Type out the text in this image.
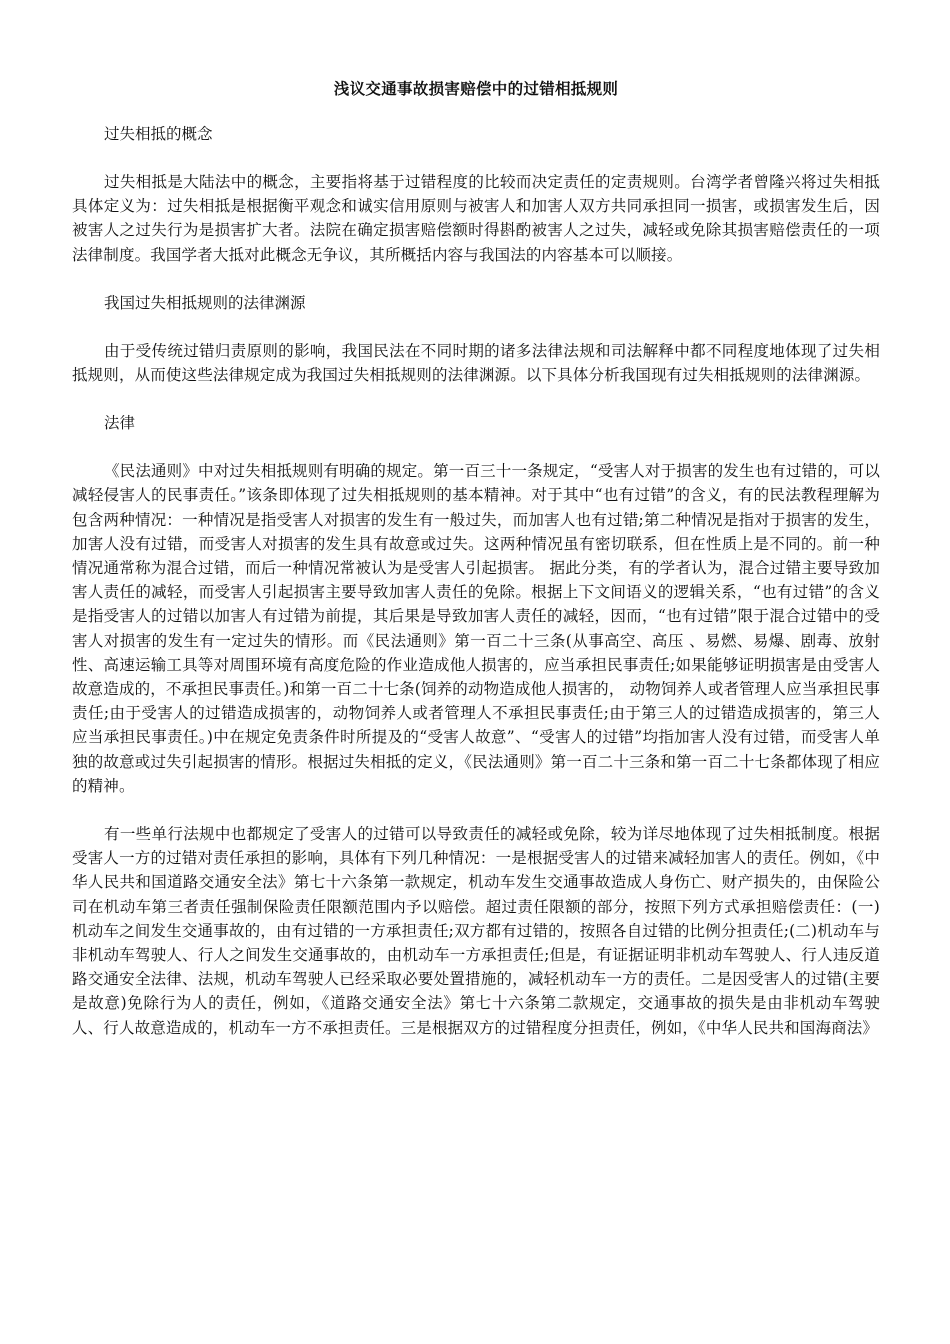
浅议交通事故损害赔偿中的过错相抵规则
过失相抵的概念

过失相抵是大陆法中的概念，主要指将基于过错程度的比较而决定责任的定责规则。台湾学者曾隆兴将过失相抵具体定义为：过失相抵是根据衡平观念和诚实信用原则与被害人和加害人双方共同承担同一损害，或损害发生后，因被害人之过失行为是损害扩大者。法院在确定损害赔偿额时得斟酌被害人之过失，减轻或免除其损害赔偿责任的一项法律制度。我国学者大抵对此概念无争议，其所概括内容与我国法的内容基本可以顺接。

我国过失相抵规则的法律渊源

由于受传统过错归责原则的影响，我国民法在不同时期的诸多法律法规和司法解释中都不同程度地体现了过失相抵规则，从而使这些法律规定成为我国过失相抵规则的法律渊源。以下具体分析我国现有过失相抵规则的法律渊源。

法律

《民法通则》中对过失相抵规则有明确的规定。第一百三十一条规定，“受害人对于损害的发生也有过错的，可以减轻侵害人的民事责任。”该条即体现了过失相抵规则的基本精神。对于其中“也有过错”的含义，有的民法教程理解为包含两种情况：一种情况是指受害人对损害的发生有一般过失，而加害人也有过错;第二种情况是指对于损害的发生，加害人没有过错，而受害人对损害的发生具有故意或过失。这两种情况虽有密切联系，但在性质上是不同的。前一种情况通常称为混合过错，而后一种情况常被认为是受害人引起损害。 据此分类，有的学者认为，混合过错主要导致加害人责任的减轻，而受害人引起损害主要导致加害人责任的免除。根据上下文间语义的逻辑关系，“也有过错”的含义是指受害人的过错以加害人有过错为前提，其后果是导致加害人责任的减轻，因而，“也有过错”限于混合过错中的受害人对损害的发生有一定过失的情形。而《民法通则》第一百二十三条(从事高空、高压 、易燃、易爆、剧毒、放射性、高速运输工具等对周围环境有高度危险的作业造成他人损害的，应当承担民事责任;如果能够证明损害是由受害人故意造成的，不承担民事责任。)和第一百二十七条(饲养的动物造成他人损害的， 动物饲养人或者管理人应当承担民事责任;由于受害人的过错造成损害的，动物饲养人或者管理人不承担民事责任;由于第三人的过错造成损害的，第三人应当承担民事责任。)中在规定免责条件时所提及的“受害人故意”、“受害人的过错”均指加害人没有过错，而受害人单独的故意或过失引起损害的情形。根据过失相抵的定义，《民法通则》第一百二十三条和第一百二十七条都体现了相应的精神。

有一些单行法规中也都规定了受害人的过错可以导致责任的减轻或免除，较为详尽地体现了过失相抵制度。根据受害人一方的过错对责任承担的影响，具体有下列几种情况：一是根据受害人的过错来减轻加害人的责任。例如，《中华人民共和国道路交通安全法》第七十六条第一款规定，机动车发生交通事故造成人身伤亡、财产损失的，由保险公司在机动车第三者责任强制保险责任限额范围内予以赔偿。超过责任限额的部分，按照下列方式承担赔偿责任：(一)机动车之间发生交通事故的，由有过错的一方承担责任;双方都有过错的，按照各自过错的比例分担责任;(二)机动车与非机动车驾驶人、行人之间发生交通事故的，由机动车一方承担责任;但是，有证据证明非机动车驾驶人、行人违反道路交通安全法律、法规，机动车驾驶人已经采取必要处置措施的，减轻机动车一方的责任。二是因受害人的过错(主要是故意)免除行为人的责任，例如，《道路交通安全法》第七十六条第二款规定，交通事故的损失是由非机动车驾驶人、行人故意造成的，机动车一方不承担责任。三是根据双方的过错程度分担责任，例如，《中华人民共和国海商法》
